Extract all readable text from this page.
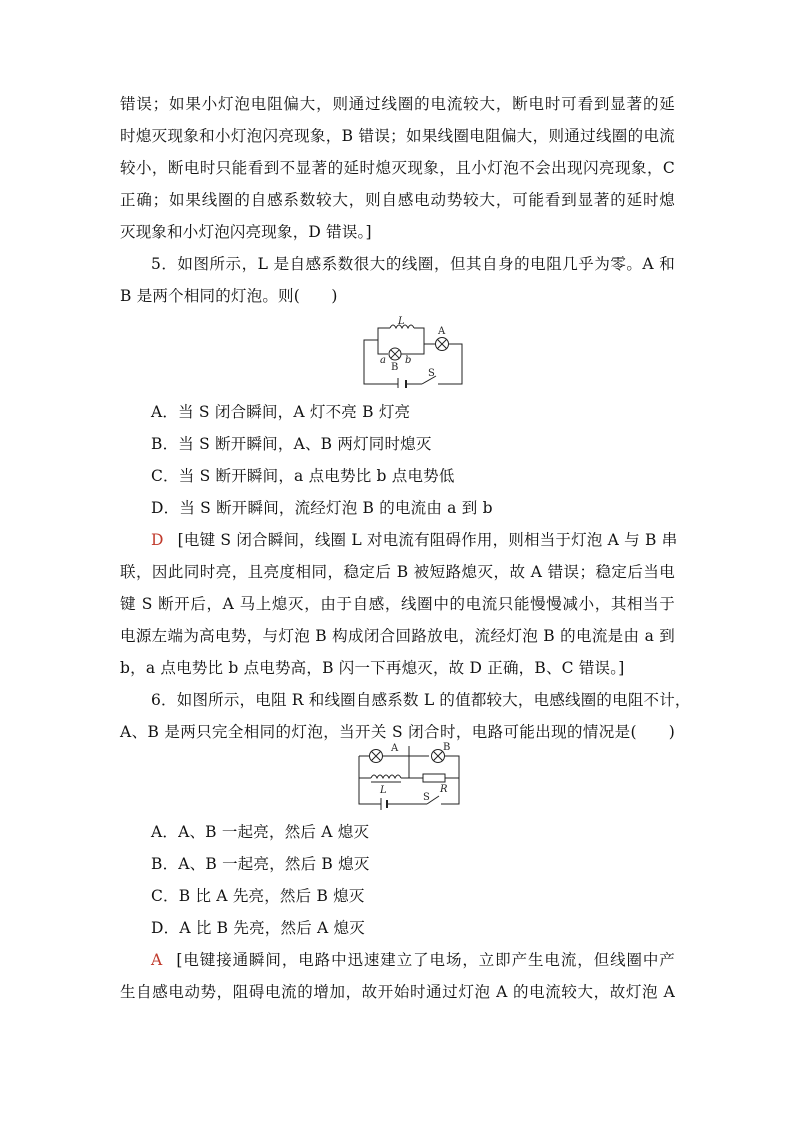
错误；如果小灯泡电阻偏大，则通过线圈的电流较大，断电时可看到显著的延
时熄灭现象和小灯泡闪亮现象，B 错误；如果线圈电阻偏大，则通过线圈的电流
较小，断电时只能看到不显著的延时熄灭现象，且小灯泡不会出现闪亮现象，C
正确；如果线圈的自感系数较大，则自感电动势较大，可能看到显著的延时熄
灭现象和小灯泡闪亮现象，D 错误。]
5．如图所示，L 是自感系数很大的线圈，但其自身的电阻几乎为零。A 和
B 是两个相同的灯泡。则(　　)
L
A
B
a b
S
A．当 S 闭合瞬间，A 灯不亮 B 灯亮
B．当 S 断开瞬间，A、B 两灯同时熄灭
C．当 S 断开瞬间，a 点电势比 b 点电势低
D．当 S 断开瞬间，流经灯泡 B 的电流由 a 到 b
D [电键 S 闭合瞬间，线圈 L 对电流有阻碍作用，则相当于灯泡 A 与 B 串
联，因此同时亮，且亮度相同，稳定后 B 被短路熄灭，故 A 错误；稳定后当电
键 S 断开后，A 马上熄灭，由于自感，线圈中的电流只能慢慢减小，其相当于
电源左端为高电势，与灯泡 B 构成闭合回路放电，流经灯泡 B 的电流是由 a 到
b，a 点电势比 b 点电势高，B 闪一下再熄灭，故 D 正确，B、C 错误。]
6．如图所示，电阻 R 和线圈自感系数 L 的值都较大，电感线圈的电阻不计，
A、B 是两只完全相同的灯泡，当开关 S 闭合时，电路可能出现的情况是(　　)
A	B
L	R
S
A．A、B 一起亮，然后 A 熄灭
B．A、B 一起亮，然后 B 熄灭
C．B 比 A 先亮，然后 B 熄灭
D．A 比 B 先亮，然后 A 熄灭
A [电键接通瞬间，电路中迅速建立了电场，立即产生电流，但线圈中产
生自感电动势，阻碍电流的增加，故开始时通过灯泡 A 的电流较大，故灯泡 A
